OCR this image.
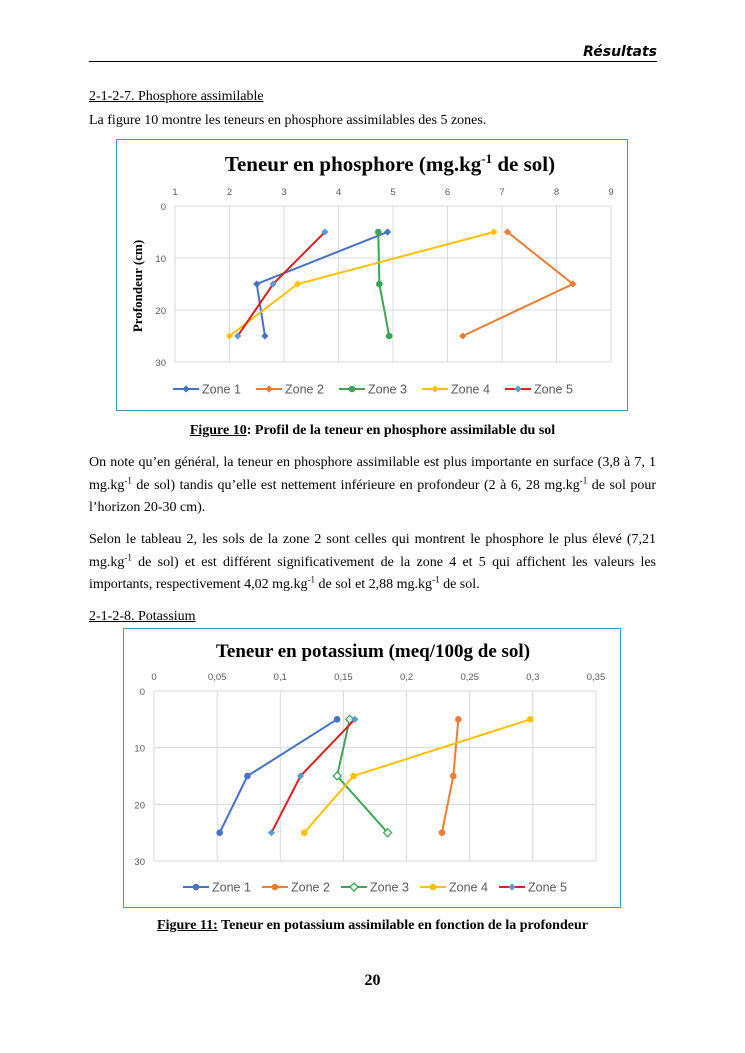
Résultats
2-1-2-7. Phosphore assimilable
La figure 10 montre les teneurs en phosphore assimilables des 5 zones.
Teneur en phosphore ($mg.kg^{-1}$ de sol)
Profondeur (cm)
0
10
20
30
1	2	3	4	5	6	7	8	9
Zone 1	Zone 2	Zone 3	Zone 4	Zone 5
Figure 10: Profil de la teneur en phosphore assimilable du sol
On note qu’en général, la teneur en phosphore assimilable est plus importante en surface (3,8 à 7, 1 $mg.kg^{-1}$ de sol) tandis qu’elle est nettement inférieure en profondeur (2 à 6, 28 $mg.kg^{-1}$ de sol pour l’horizon 20-30 cm).
Selon le tableau 2, les sols de la zone 2 sont celles qui montrent le phosphore le plus élevé (7,21 $mg.kg^{-1}$ de sol) et est différent significativement de la zone 4 et 5 qui affichent les valeurs les importants, respectivement 4,02 $mg.kg^{-1}$ de sol et 2,88 $mg.kg^{-1}$ de sol.
2-1-2-8. Potassium
Teneur en potassium (meq/100g de sol)
0
10
20
30
0	0,05	0,1	0,15	0,2	0,25	0,3	0,35
Zone 1	Zone 2	Zone 3	Zone 4	Zone 5
Figure 11: Teneur en potassium assimilable en fonction de la profondeur
20
